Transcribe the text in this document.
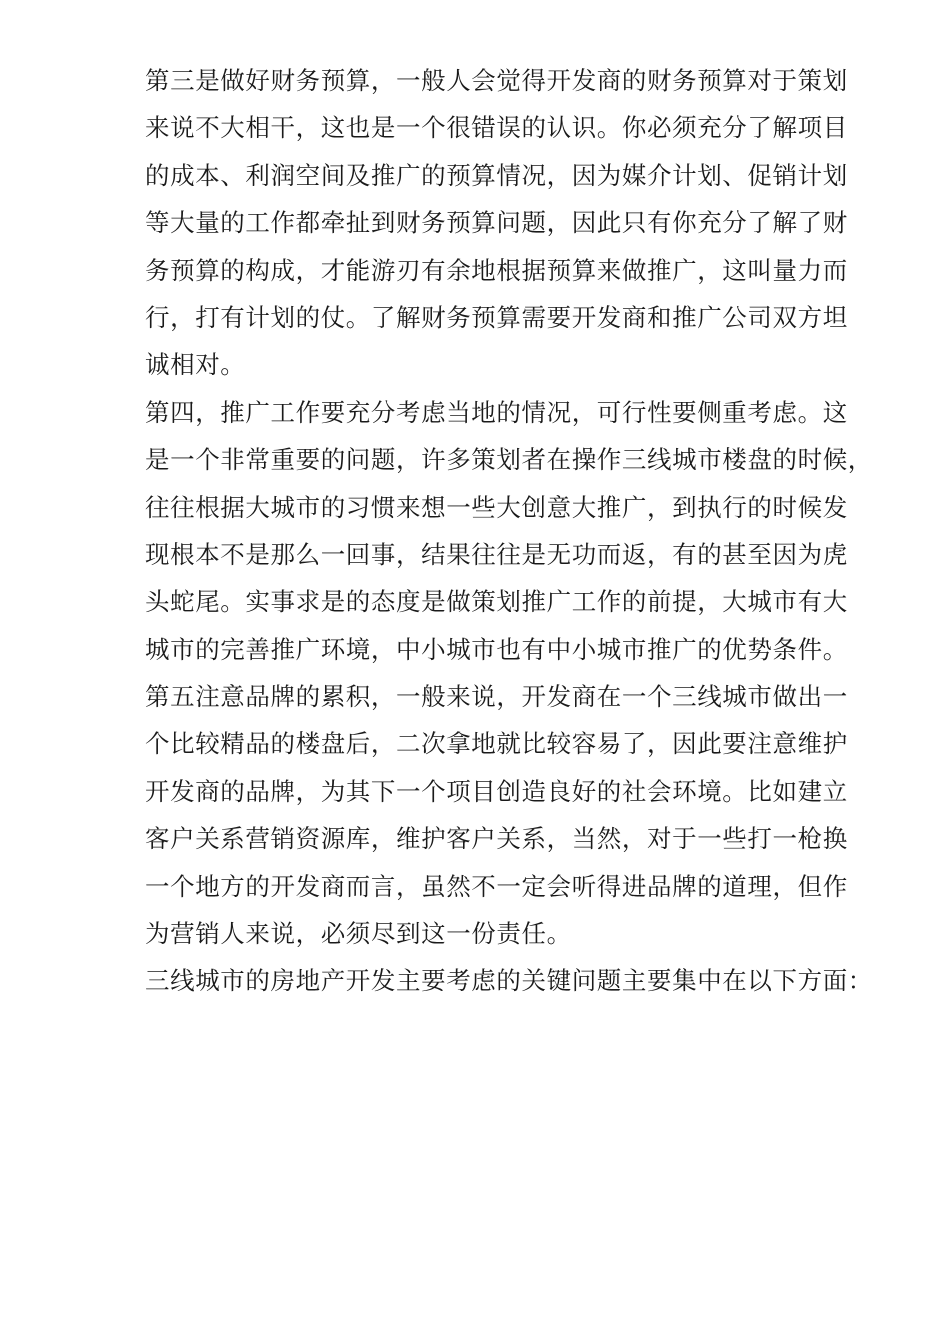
第三是做好财务预算，一般人会觉得开发商的财务预算对于策划
来说不大相干，这也是一个很错误的认识。你必须充分了解项目
的成本、利润空间及推广的预算情况，因为媒介计划、促销计划
等大量的工作都牵扯到财务预算问题，因此只有你充分了解了财
务预算的构成，才能游刃有余地根据预算来做推广，这叫量力而
行，打有计划的仗。了解财务预算需要开发商和推广公司双方坦
诚相对。
第四，推广工作要充分考虑当地的情况，可行性要侧重考虑。这
是一个非常重要的问题，许多策划者在操作三线城市楼盘的时候，
往往根据大城市的习惯来想一些大创意大推广，到执行的时候发
现根本不是那么一回事，结果往往是无功而返，有的甚至因为虎
头蛇尾。实事求是的态度是做策划推广工作的前提，大城市有大
城市的完善推广环境，中小城市也有中小城市推广的优势条件。
第五注意品牌的累积，一般来说，开发商在一个三线城市做出一
个比较精品的楼盘后，二次拿地就比较容易了，因此要注意维护
开发商的品牌，为其下一个项目创造良好的社会环境。比如建立
客户关系营销资源库，维护客户关系，当然，对于一些打一枪换
一个地方的开发商而言，虽然不一定会听得进品牌的道理，但作
为营销人来说，必须尽到这一份责任。
三线城市的房地产开发主要考虑的关键问题主要集中在以下方面：
